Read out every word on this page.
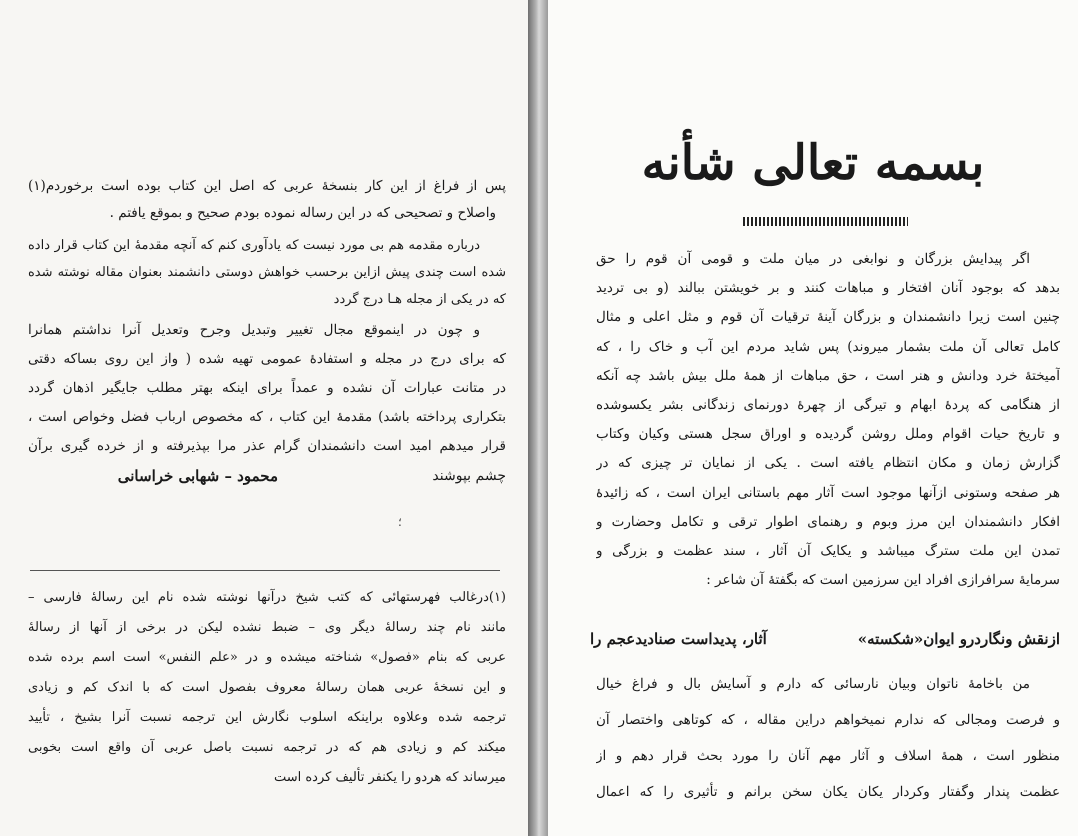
پس از فراغ از این کار بنسخهٔ عربی که اصل این کتاب بوده است برخوردم(۱)
واصلاح و تصحیحی که در این رساله نموده بودم صحیح و بموقع یافتم .
درباره مقدمه هم بی مورد نیست که یادآوری کنم که آنچه مقدمهٔ این کتاب قرار داده
شده است چندی پیش ازاین برحسب خواهش دوستی دانشمند بعنوان مقاله نوشته شده
که در یکی از مجله هـا درج گردد
و چون در اینموقع مجال تغییر وتبدیل وجرح وتعدیل آنرا نداشتم همانرا
که برای درج در مجله و استفادهٔ عمومی تهیه شده ( واز این روی بساکه دقتی
در متانت عبارات آن نشده و عمداً برای اینکه بهتر مطلب جایگیر اذهان گردد
بتکراری پرداخته باشد) مقدمهٔ این کتاب ، که مخصوص ارباب فضل وخواص است ،
قرار میدهم امید است دانشمندان گرام عذر مرا بپذیرفته و از خرده گیری برآن
چشم بپوشند
محمود – شهابی خراسانی
؛
(۱)درغالب فهرستهائی که کتب شیخ درآنها نوشته شده نام این رسالهٔ فارسی –
مانند نام چند رسالهٔ دیگر وی – ضبط نشده لیکن در برخی از آنها از رسالهٔ
عربی که بنام «فصول» شناخته میشده و در «علم النفس» است اسم برده شده
و این نسخهٔ عربی همان رسالهٔ معروف بفصول است که با اندک کم و زیادی
ترجمه شده وعلاوه براینکه اسلوب نگارش این ترجمه نسبت آنرا بشیخ ، تأیید
میکند کم و زیادی هم که در ترجمه نسبت باصل عربی آن واقع است بخوبی
میرساند که هردو را یکنفر تألیف کرده است
بسمه تعالی شأنه
اگر پیدایش بزرگان و نوابغی در میان ملت و قومی آن قوم را حق
بدهد که بوجود آنان افتخار و مباهات کنند و بر خویشتن ببالند (و بی تردید
چنین است زیرا دانشمندان و بزرگان آینهٔ ترقیات آن قوم و مثل اعلی و مثال
کامل تعالی آن ملت بشمار میروند) پس شاید مردم این آب و خاک را ، که
آمیختهٔ خرد ودانش و هنر است ، حق مباهات از همهٔ ملل بیش باشد چه آنکه
از هنگامی که پردهٔ ابهام و تیرگی از چهرهٔ دورنمای زندگانی بشر یکسوشده
و تاریخ حیات اقوام وملل روشن گردیده و اوراق سجل هستی وکیان وکتاب
گزارش زمان و مکان انتظام یافته است . یکی از نمایان تر چیزی که در
هر صفحه وستونی ازآنها موجود است آثار مهم باستانی ایران است ، که زائیدهٔ
افکار دانشمندان این مرز وبوم و رهنمای اطوار ترقی و تکامل وحضارت و
تمدن این ملت سترگ میباشد و یکایک آن آثار ، سند عظمت و بزرگی و
سرمایهٔ سرافرازی افراد این سرزمین است که بگفتهٔ آن شاعر :
ازنقش ونگاردرو ایوان«شکسته»
آثار، پدیداست صنادیدعجم را
من باخامهٔ ناتوان وبیان نارسائی که دارم و آسایش بال و فراغ خیال
و فرصت ومجالی که ندارم نمیخواهم دراین مقاله ، که کوتاهی واختصار آن
منظور است ، همهٔ اسلاف و آثار مهم آنان را مورد بحث قرار دهم و از
عظمت پندار وگفتار وکردار یکان یکان سخن برانم و تأثیری را که اعمال
